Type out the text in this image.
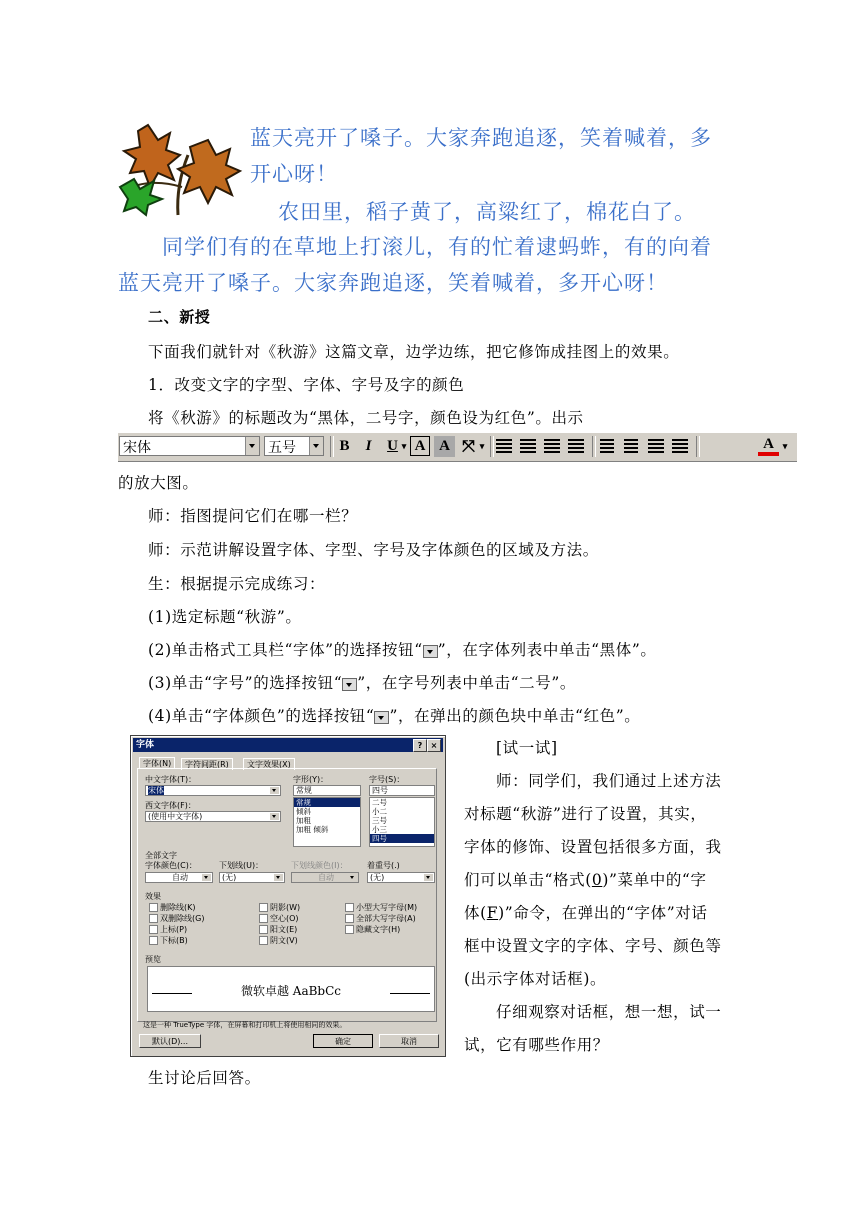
蓝天亮开了嗓子。大家奔跑追逐，笑着喊着，多
开心呀！
农田里，稻子黄了，高粱红了，棉花白了。
同学们有的在草地上打滚儿，有的忙着逮蚂蚱，有的向着
蓝天亮开了嗓子。大家奔跑追逐，笑着喊着，多开心呀！
二、新授
下面我们就针对《秋游》这篇文章，边学边练，把它修饰成挂图上的效果。
1．改变文字的字型、字体、字号及字的颜色
将《秋游》的标题改为“黑体，二号字，颜色设为红色”。出示
宋体	五号	B	I	U ▾ A A ⤧ ▾	A ▾
的放大图。
师：指图提问它们在哪一栏？
师：示范讲解设置字体、字型、字号及字体颜色的区域及方法。
生：根据提示完成练习：
(1)选定标题“秋游”。
(2)单击格式工具栏“字体”的选择按钮“ ”，在字体列表中单击“黑体”。
(3)单击“字号”的选择按钮“ ”，在字号列表中单击“二号”。
(4)单击“字体颜色”的选择按钮“ ”，在弹出的颜色块中单击“红色”。
字体	?	×
字体(N)	字符间距(R)	文字效果(X)
中文字体(T)：
宋体
西文字体(F)：
(使用中文字体)
字形(Y)：
常规
常规
倾斜
加粗
加粗 倾斜
字号(S)：
四号
二号
小二
三号
小三
四号
全部文字
字体颜色(C)：
自动
下划线(U)：
(无)
下划线颜色(I)：
自动
着重号(.)
(无)
效果
删除线(K)
双删除线(G)
上标(P)
下标(B)
阴影(W)
空心(O)
阳文(E)
阴文(V)
小型大写字母(M)
全部大写字母(A)
隐藏文字(H)
预览
微软卓越 AaBbCc
这是一种 TrueType 字体，在屏幕和打印机上将使用相同的效果。
默认(D)...	确定	取消
[试一试]
师：同学们，我们通过上述方法
对标题“秋游”进行了设置，其实，
字体的修饰、设置包括很多方面，我
们可以单击“格式(0)”菜单中的“字
体(F)”命令，在弹出的“字体”对话
框中设置文字的字体、字号、颜色等
(出示字体对话框)。
仔细观察对话框，想一想，试一
试，它有哪些作用？
生讨论后回答。
